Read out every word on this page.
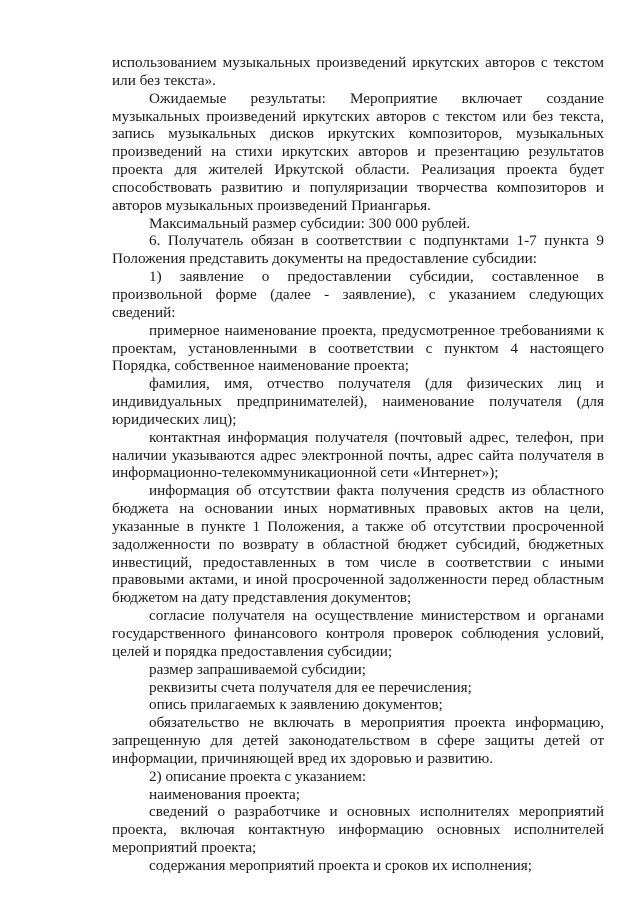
использованием музыкальных произведений иркутских авторов с текстом или без текста».

Ожидаемые результаты: Мероприятие включает создание музыкальных произведений иркутских авторов с текстом или без текста, запись музыкальных дисков иркутских композиторов, музыкальных произведений на стихи иркутских авторов и презентацию результатов проекта для жителей Иркутской области. Реализация проекта будет способствовать развитию и популяризации творчества композиторов и авторов музыкальных произведений Приангарья.

Максимальный размер субсидии: 300 000 рублей.

6. Получатель обязан в соответствии с подпунктами 1-7 пункта 9 Положения представить документы на предоставление субсидии:

1) заявление о предоставлении субсидии, составленное в произвольной форме (далее - заявление), с указанием следующих сведений:

примерное наименование проекта, предусмотренное требованиями к проектам, установленными в соответствии с пунктом 4 настоящего Порядка, собственное наименование проекта;

фамилия, имя, отчество получателя (для физических лиц и индивидуальных предпринимателей), наименование получателя (для юридических лиц);

контактная информация получателя (почтовый адрес, телефон, при наличии указываются адрес электронной почты, адрес сайта получателя в информационно-телекоммуникационной сети «Интернет»);

информация об отсутствии факта получения средств из областного бюджета на основании иных нормативных правовых актов на цели, указанные в пункте 1 Положения, а также об отсутствии просроченной задолженности по возврату в областной бюджет субсидий, бюджетных инвестиций, предоставленных в том числе в соответствии с иными правовыми актами, и иной просроченной задолженности перед областным бюджетом на дату представления документов;

согласие получателя на осуществление министерством и органами государственного финансового контроля проверок соблюдения условий, целей и порядка предоставления субсидии;

размер запрашиваемой субсидии;

реквизиты счета получателя для ее перечисления;

опись прилагаемых к заявлению документов;

обязательство не включать в мероприятия проекта информацию, запрещенную для детей законодательством в сфере защиты детей от информации, причиняющей вред их здоровью и развитию.

2) описание проекта с указанием:

наименования проекта;

сведений о разработчике и основных исполнителях мероприятий проекта, включая контактную информацию основных исполнителей мероприятий проекта;

содержания мероприятий проекта и сроков их исполнения;
